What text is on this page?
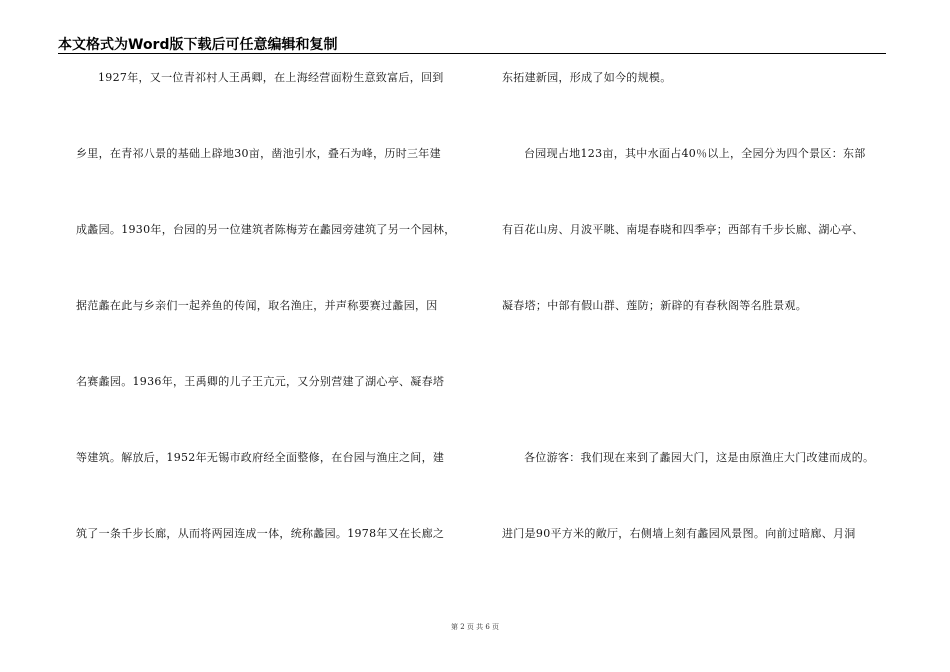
本文格式为Word版下载后可任意编辑和复制
1927年，又一位青祁村人王禹卿，在上海经营面粉生意致富后，回到
乡里，在青祁八景的基础上辟地30亩，凿池引水，叠石为峰，历时三年建
成蠡园。1930年，台园的另一位建筑者陈梅芳在蠡园旁建筑了另一个园林，
据范蠡在此与乡亲们一起养鱼的传闻，取名渔庄，并声称要赛过蠡园，因
名赛蠡园。1936年，王禹卿的儿子王亢元，又分别营建了湖心亭、凝春塔
等建筑。解放后，1952年无锡市政府经全面整修，在台园与渔庄之间，建
筑了一条千步长廊，从而将两园连成一体，统称蠡园。1978年又在长廊之
东拓建新园，形成了如今的规模。
台园现占地123亩，其中水面占40％以上，全园分为四个景区：东部
有百花山房、月波平眺、南堤春晓和四季亭；西部有千步长廊、湖心亭、
凝春塔；中部有假山群、莲防；新辟的有春秋阁等名胜景观。
各位游客：我们现在来到了蠡园大门，这是由原渔庄大门改建而成的。
进门是90平方米的敞厅，右侧墙上刻有蠡园风景图。向前过暗廊、月洞
第 2 页 共 6 页
